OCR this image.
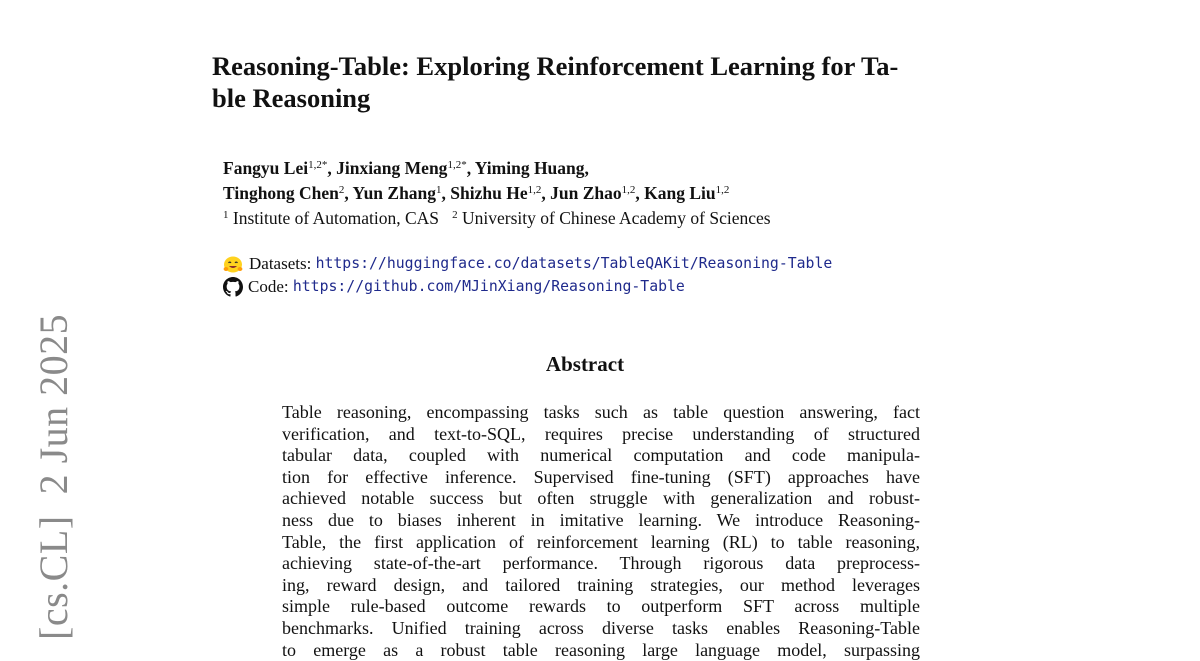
Reasoning-Table: Exploring Reinforcement Learning for Ta-
ble Reasoning
Fangyu Lei$^{1,2*}$, Jinxiang Meng$^{1,2*}$, Yiming Huang,
Tinghong Chen$^2$, Yun Zhang$^1$, Shizhu He$^{1,2}$, Jun Zhao$^{1,2}$, Kang Liu$^{1,2}$
$^1$ Institute of Automation, CAS $^2$ University of Chinese Academy of Sciences
Datasets:
https://huggingface.co/datasets/TableQAKit/Reasoning-Table
Code:
https://github.com/MJinXiang/Reasoning-Table
Abstract
Table reasoning, encompassing tasks such as table question answering, fact
verification, and text-to-SQL, requires precise understanding of structured
tabular data, coupled with numerical computation and code manipula-
tion for effective inference. Supervised fine-tuning (SFT) approaches have
achieved notable success but often struggle with generalization and robust-
ness due to biases inherent in imitative learning. We introduce Reasoning-
Table, the first application of reinforcement learning (RL) to table reasoning,
achieving state-of-the-art performance. Through rigorous data preprocess-
ing, reward design, and tailored training strategies, our method leverages
simple rule-based outcome rewards to outperform SFT across multiple
benchmarks. Unified training across diverse tasks enables Reasoning-Table
to emerge as a robust table reasoning large language model, surpassing
[cs.CL]  2 Jun 2025
